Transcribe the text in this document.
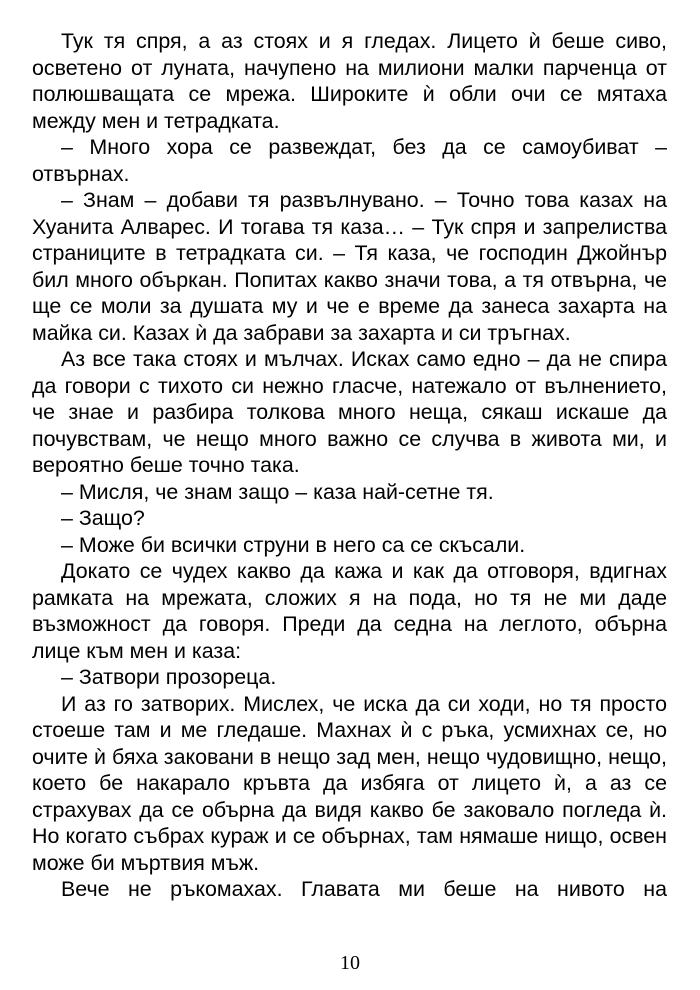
Тук тя спря, а аз стоях и я гледах. Лицето ѝ беше сиво, осветено от луната, начупено на милиони малки парченца от полюшващата се мрежа. Широките ѝ обли очи се мятаха между мен и тетрадката.

– Много хора се развеждат, без да се самоубиват – отвърнах.

– Знам – добави тя развълнувано. – Точно това казах на Хуанита Алварес. И тогава тя каза… – Тук спря и запрелиства страниците в тетрадката си. – Тя каза, че господин Джойнър бил много объркан. Попитах какво значи това, а тя отвърна, че ще се моли за душата му и че е време да занеса захарта на майка си. Казах ѝ да забрави за захарта и си тръгнах.

Аз все така стоях и мълчах. Исках само едно – да не спира да говори с тихото си нежно гласче, натежало от вълнението, че знае и разбира толкова много неща, сякаш искаше да почувствам, че нещо много важно се случва в живота ми, и вероятно беше точно така.

– Мисля, че знам защо – каза най-сетне тя.

– Защо?

– Може би всички струни в него са се скъсали.

Докато се чудех какво да кажа и как да отговоря, вдигнах рамката на мрежата, сложих я на пода, но тя не ми даде възможност да говоря. Преди да седна на леглото, обърна лице към мен и каза:

– Затвори прозореца.

И аз го затворих. Мислех, че иска да си ходи, но тя просто стоеше там и ме гледаше. Махнах ѝ с ръка, усмихнах се, но очите ѝ бяха заковани в нещо зад мен, нещо чудовищно, нещо, което бе накарало кръвта да избяга от лицето ѝ, а аз се страхувах да се обърна да видя какво бе заковало погледа ѝ. Но когато събрах кураж и се обърнах, там нямаше нищо, освен може би мъртвия мъж.

Вече не ръкомахах. Главата ми беше на нивото на

10
